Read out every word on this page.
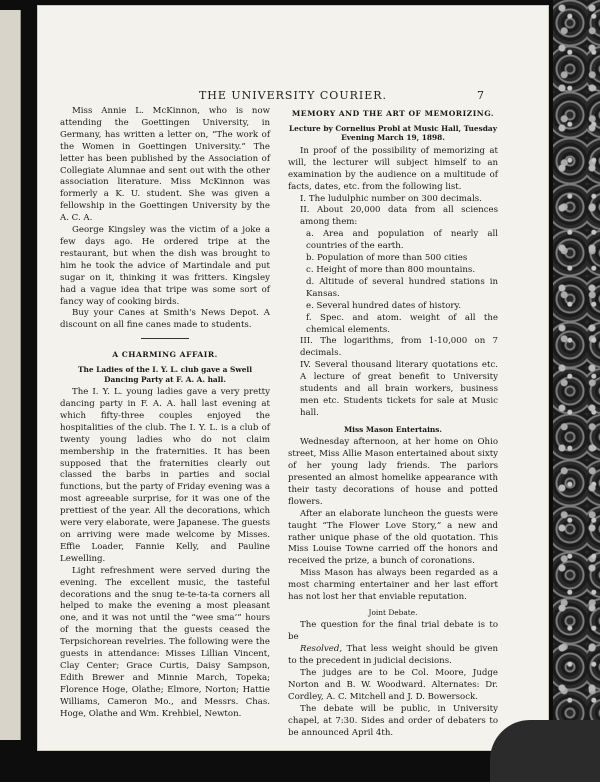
THE UNIVERSITY COURIER.	7

Miss Annie L. McKinnon, who is now attending the Goettingen University, in Germany, has written a letter on, “The work of the Women in Goettingen University.” The letter has been published by the Association of Collegiate Alumnae and sent out with the other association literature. Miss McKinnon was formerly a K. U. student. She was given a fellowship in the Goettingen University by the A. C. A.

George Kingsley was the victim of a joke a few days ago. He ordered tripe at the restaurant, but when the dish was brought to him he took the advice of Martindale and put sugar on it, thinking it was fritters. Kingsley had a vague idea that tripe was some sort of fancy way of cooking birds.

Buy your Canes at Smith's News Depot. A discount on all fine canes made to students.

A CHARMING AFFAIR.
The Ladies of the I. Y. L. club gave a Swell Dancing Party at F. A. A. hall.

The I. Y. L. young ladies gave a very pretty dancing party in F. A. A. hall last evening at which fifty-three couples enjoyed the hospitalities of the club. The I. Y. L. is a club of twenty young ladies who do not claim membership in the fraternities. It has been supposed that the fraternities clearly out classed the barbs in parties and social functions, but the party of Friday evening was a most agreeable surprise, for it was one of the prettiest of the year. All the decorations, which were very elaborate, were Japanese. The guests on arriving were made welcome by Misses. Effie Loader, Fannie Kelly, and Pauline Lewelling.

Light refreshment were served during the evening. The excellent music, the tasteful decorations and the snug te-te-ta-ta corners all helped to make the evening a most pleasant one, and it was not until the “wee sma’” hours of the morning that the guests ceased the Terpsichorean revelries. The following were the guests in attendance: Misses Lillian Vincent, Clay Center; Grace Curtis, Daisy Sampson, Edith Brewer and Minnie March, Topeka; Florence Hoge, Olathe; Elmore, Norton; Hattie Williams, Cameron Mo., and Messrs. Chas. Hoge, Olathe and Wm. Krehbiel, Newton.

MEMORY AND THE ART OF MEMORIZING.
Lecture by Cornelius Probl at Music Hall, Tuesday Evening March 19, 1898.

In proof of the possibility of memorizing at will, the lecturer will subject himself to an examination by the audience on a multitude of facts, dates, etc. from the following list.

I. The ludulphic number on 300 decimals.

II. About 20,000 data from all sciences among them:

a. Area and population of nearly all countries of the earth.

b. Population of more than 500 cities

c. Height of more than 800 mountains.

d. Altitude of several hundred stations in Kansas.

e. Several hundred dates of history.

f. Spec. and atom. weight of all the chemical elements.

III. The logarithms, from 1-10,000 on 7 decimals.

IV. Several thousand literary quotations etc. A lecture of great benefit to University students and all brain workers, business men etc. Students tickets for sale at Music hall.

Miss Mason Entertains.

Wednesday afternoon, at her home on Ohio street, Miss Allie Mason entertained about sixty of her young lady friends. The parlors presented an almost homelike appearance with their tasty decorations of house and potted flowers.

After an elaborate luncheon the guests were taught “The Flower Love Story,” a new and rather unique phase of the old quotation. This Miss Louise Towne carried off the honors and received the prize, a bunch of coronations.

Miss Mason has always been regarded as a most charming entertainer and her last effort has not lost her that enviable reputation.

Joint Debate.

The question for the final trial debate is to be

Resolved, That less weight should be given to the precedent in judicial decisions.

The judges are to be Col. Moore, Judge Norton and B. W. Woodward. Alternates: Dr. Cordley, A. C. Mitchell and J. D. Bowersock.

The debate will be public, in University chapel, at 7:30. Sides and order of debaters to be announced April 4th.
